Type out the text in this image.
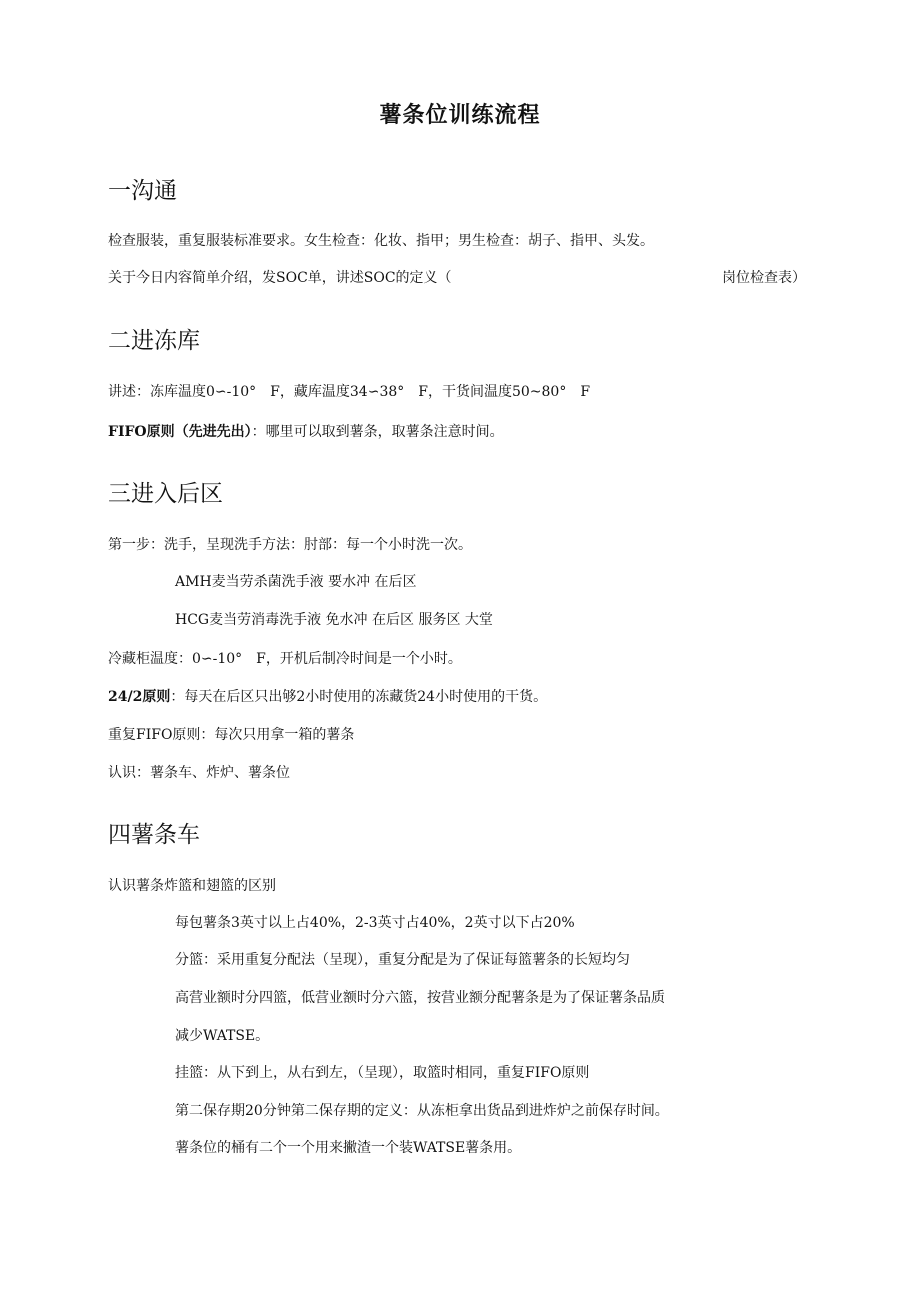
薯条位训练流程
一沟通
检查服装，重复服装标准要求。女生检查：化妆、指甲；男生检查：胡子、指甲、头发。
关于今日内容简单介绍，发SOC单，讲述SOC的定义（	岗位检查表）
二进冻库
讲述：冻库温度0∽-10°　F，藏库温度34∽38°　F，干货间温度50~80°　F
FIFO原则（先进先出）：哪里可以取到薯条，取薯条注意时间。
三进入后区
第一步：洗手，呈现洗手方法：肘部：每一个小时洗一次。
AMH麦当劳杀菌洗手液 要水冲 在后区
HCG麦当劳消毒洗手液 免水冲 在后区 服务区 大堂
冷藏柜温度：0∽-10°　F，开机后制冷时间是一个小时。
24/2原则：每天在后区只出够2小时使用的冻藏货24小时使用的干货。
重复FIFO原则：每次只用拿一箱的薯条
认识：薯条车、炸炉、薯条位
四薯条车
认识薯条炸篮和翅篮的区别
每包薯条3英寸以上占40%，2-3英寸占40%，2英寸以下占20%
分篮：采用重复分配法（呈现），重复分配是为了保证每篮薯条的长短均匀
高营业额时分四篮，低营业额时分六篮，按营业额分配薯条是为了保证薯条品质
减少WATSE。
挂篮：从下到上，从右到左，（呈现），取篮时相同，重复FIFO原则
第二保存期20分钟第二保存期的定义：从冻柜拿出货品到进炸炉之前保存时间。
薯条位的桶有二个一个用来撇渣一个装WATSE薯条用。
